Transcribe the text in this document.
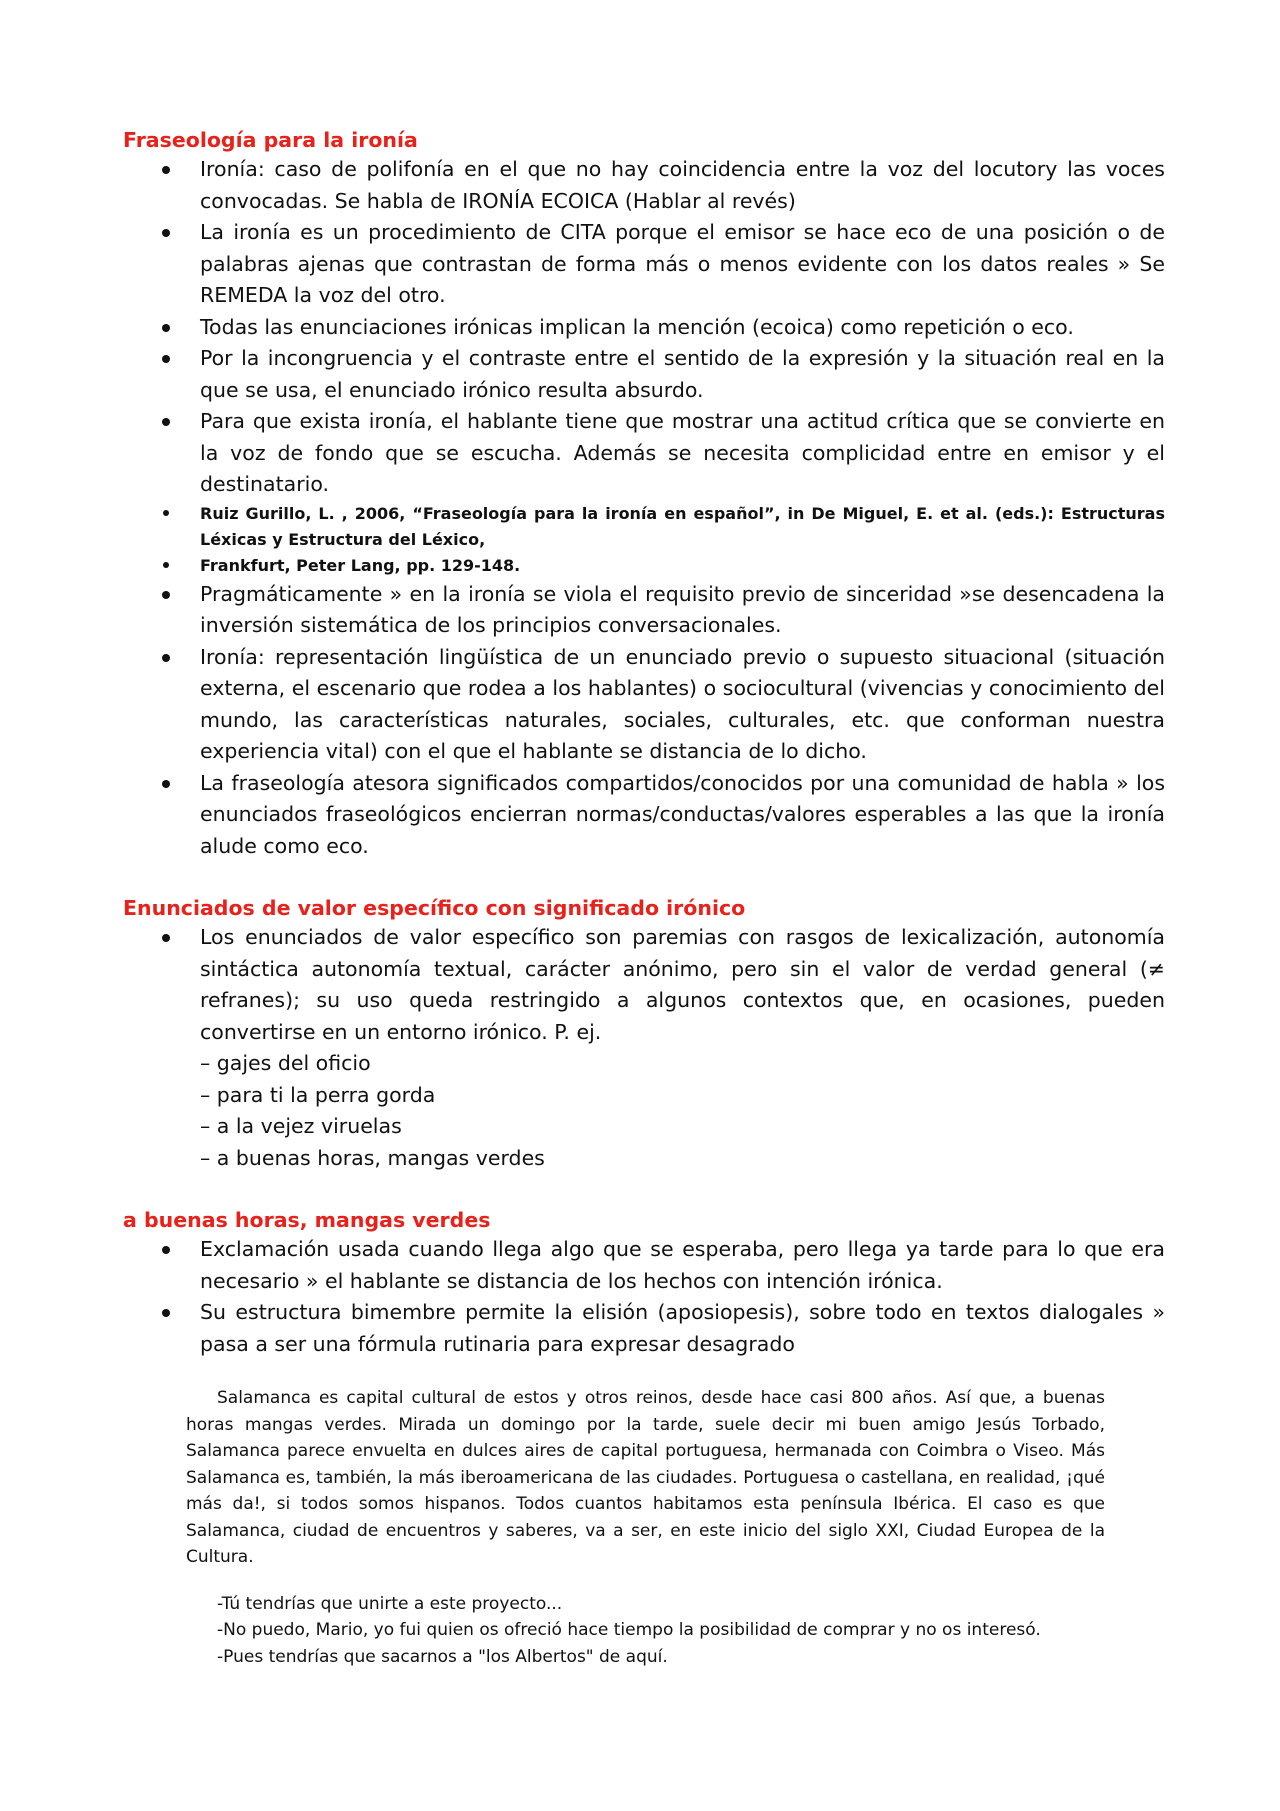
Fraseología para la ironía
Ironía: caso de polifonía en el que no hay coincidencia entre la voz del locutory las voces convocadas. Se habla de IRONÍA ECOICA (Hablar al revés)
La ironía es un procedimiento de CITA porque el emisor se hace eco de una posición o de palabras ajenas que contrastan de forma más o menos evidente con los datos reales » Se REMEDA la voz del otro.
Todas las enunciaciones irónicas implican la mención (ecoica) como repetición o eco.
Por la incongruencia y el contraste entre el sentido de la expresión y la situación real en la que se usa, el enunciado irónico resulta absurdo.
Para que exista ironía, el hablante tiene que mostrar una actitud crítica que se convierte en la voz de fondo que se escucha. Además se necesita complicidad entre en emisor y el destinatario.
Ruiz Gurillo, L. , 2006, “Fraseología para la ironía en español”, in De Miguel, E. et al. (eds.): Estructuras Léxicas y Estructura del Léxico,
Frankfurt, Peter Lang, pp. 129-148.
Pragmáticamente » en la ironía se viola el requisito previo de sinceridad »se desencadena la inversión sistemática de los principios conversacionales.
Ironía: representación lingüística de un enunciado previo o supuesto situacional (situación externa, el escenario que rodea a los hablantes) o sociocultural (vivencias y conocimiento del mundo, las características naturales, sociales, culturales, etc. que conforman nuestra experiencia vital) con el que el hablante se distancia de lo dicho.
La fraseología atesora significados compartidos/conocidos por una comunidad de habla » los enunciados fraseológicos encierran normas/conductas/valores esperables a las que la ironía alude como eco.
Enunciados de valor específico con significado irónico
Los enunciados de valor específico son paremias con rasgos de lexicalización, autonomía sintáctica autonomía textual, carácter anónimo, pero sin el valor de verdad general (≠ refranes); su uso queda restringido a algunos contextos que, en ocasiones, pueden convertirse en un entorno irónico. P. ej.
– gajes del oficio
– para ti la perra gorda
– a la vejez viruelas
– a buenas horas, mangas verdes
a buenas horas, mangas verdes
Exclamación usada cuando llega algo que se esperaba, pero llega ya tarde para lo que era necesario » el hablante se distancia de los hechos con intención irónica.
Su estructura bimembre permite la elisión (aposiopesis), sobre todo en textos dialogales » pasa a ser una fórmula rutinaria para expresar desagrado

Salamanca es capital cultural de estos y otros reinos, desde hace casi 800 años. Así que, a buenas horas mangas verdes. Mirada un domingo por la tarde, suele decir mi buen amigo Jesús Torbado, Salamanca parece envuelta en dulces aires de capital portuguesa, hermanada con Coimbra o Viseo. Más Salamanca es, también, la más iberoamericana de las ciudades. Portuguesa o castellana, en realidad, ¡qué más da!, si todos somos hispanos. Todos cuantos habitamos esta península Ibérica. El caso es que Salamanca, ciudad de encuentros y saberes, va a ser, en este inicio del siglo XXI, Ciudad Europea de la Cultura.

-Tú tendrías que unirte a este proyecto...
-No puedo, Mario, yo fui quien os ofreció hace tiempo la posibilidad de comprar y no os interesó.
-Pues tendrías que sacarnos a "los Albertos" de aquí.
